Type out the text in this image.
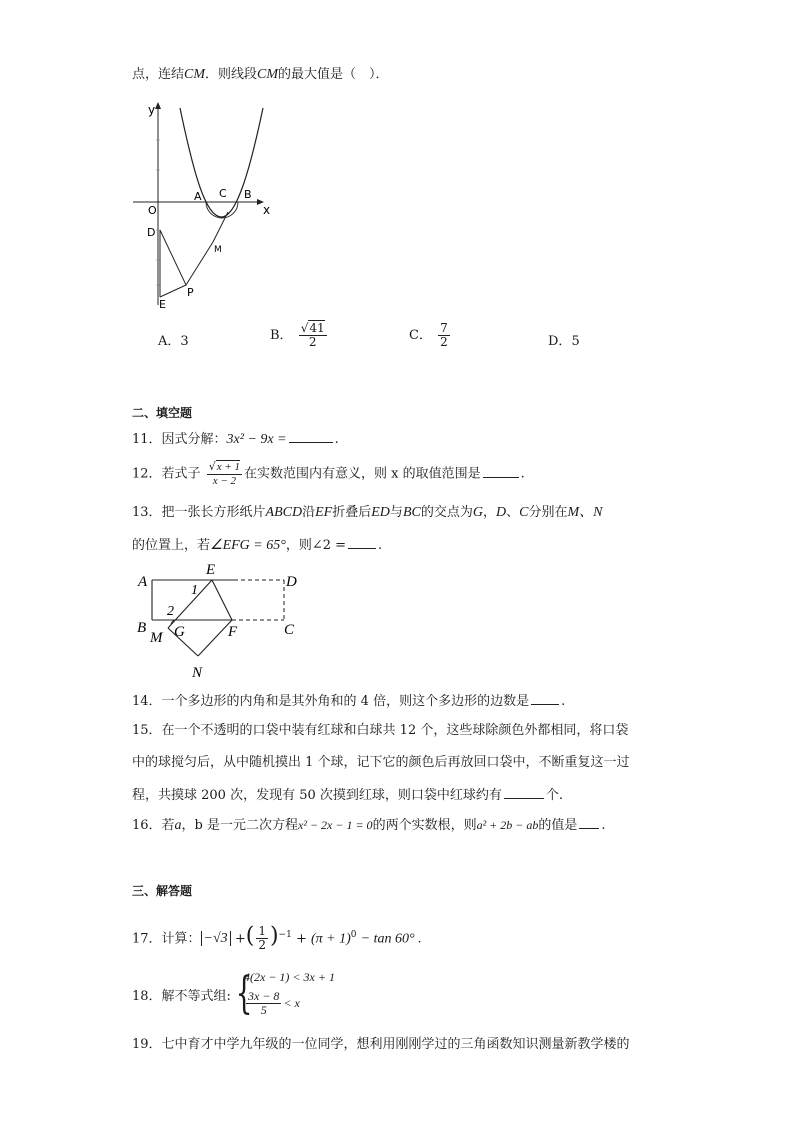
点，连结CM．则线段CM的最大值是（　）．
y
x
O
A C B
D
M
P
E
A．3	B． $\frac{√41}{2}$	C． $\frac{7}{2}$	D．5
二、填空题
11．因式分解：3x² − 9x =	.
12．若式子 $\frac{√x + 1}{x - 2}$ 在实数范围内有意义，则 x 的取值范围是	.
13．把一张长方形纸片ABCD沿EF折叠后ED与BC的交点为G，D、C分别在M、N
的位置上，若∠EFG = 65°，则∠2 = .
A
E
D
1
2
B G	F	C
M
N
14．一个多边形的内角和是其外角和的 4 倍，则这个多边形的边数是 .
15．在一个不透明的口袋中装有红球和白球共 12 个，这些球除颜色外都相同，将口袋
中的球搅匀后，从中随机摸出 1 个球，记下它的颜色后再放回口袋中，不断重复这一过
程，共摸球 200 次，发现有 50 次摸到红球，则口袋中红球约有	个.
16．若a，b 是一元二次方程x² − 2x − 1 = 0的两个实数根，则a² + 2b − ab的值是 .
三、解答题
17．计算： −√3 +( $\frac{1}{2} )^{-1} + (\pi + 1)^0 - \tan 60^\circ$ .
18．解不等式组: {
4(2x − 1) < 3x + 1
$\frac{3x - 8}{5} < x$
19．七中育才中学九年级的一位同学，想利用刚刚学过的三角函数知识测量新教学楼的
